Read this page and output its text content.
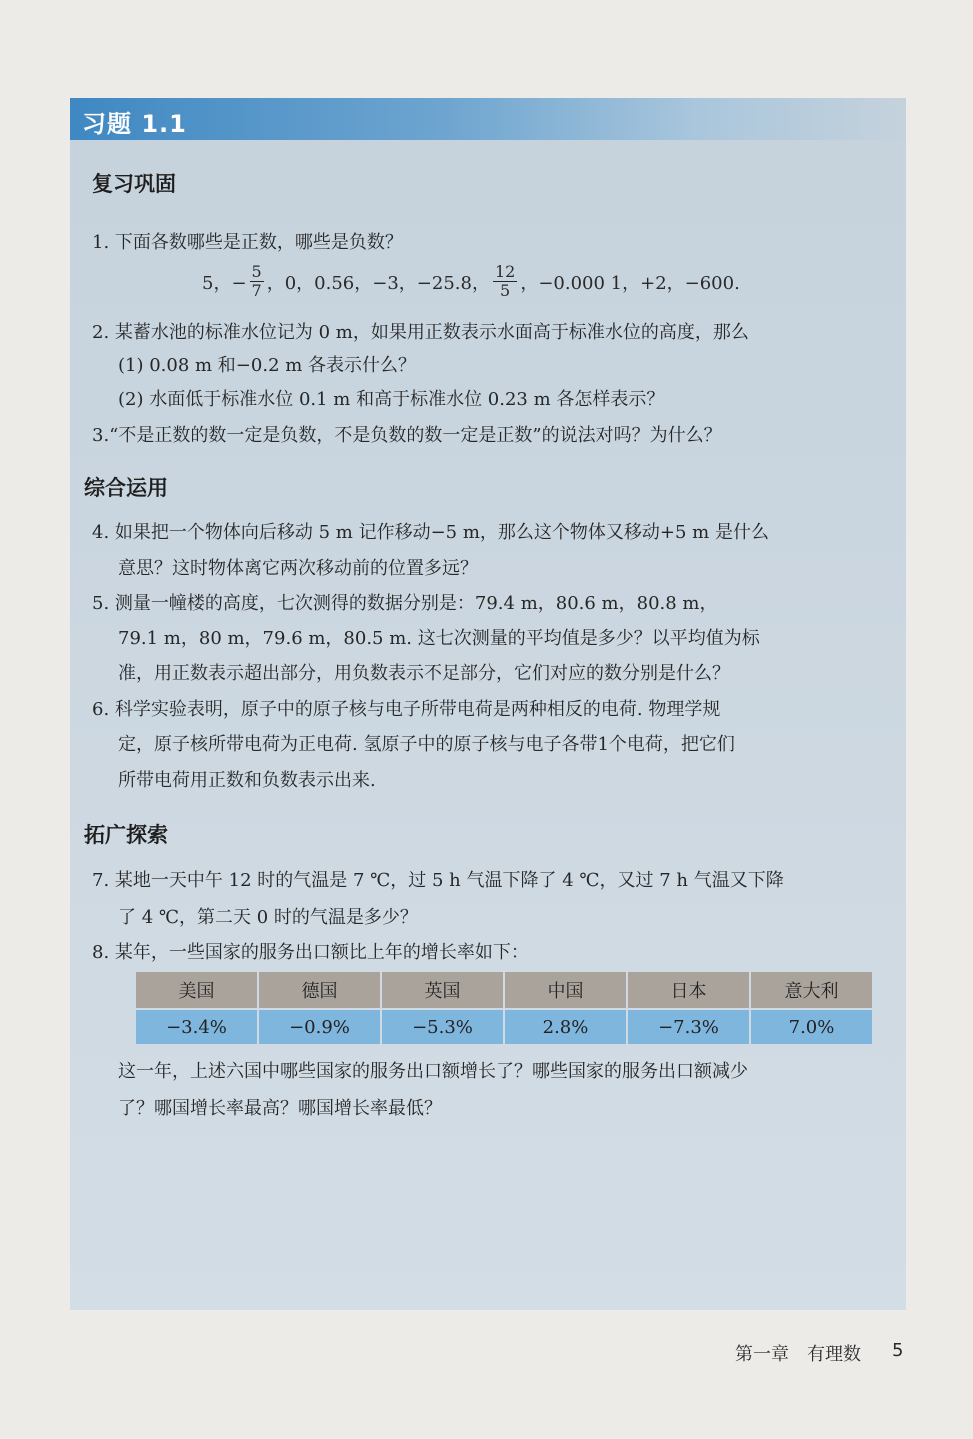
习题 1.1
复习巩固
1. 下面各数哪些是正数，哪些是负数？
5，− $\frac{5}{7}$ ，0，0.56，−3，−25.8， $\frac{12}{5}$ ，−0.000 1，+2，−600.
2. 某蓄水池的标准水位记为 0 m，如果用正数表示水面高于标准水位的高度，那么
(1) 0.08 m 和−0.2 m 各表示什么？
(2) 水面低于标准水位 0.1 m 和高于标准水位 0.23 m 各怎样表示？
3.“不是正数的数一定是负数，不是负数的数一定是正数”的说法对吗？为什么？
综合运用
4. 如果把一个物体向后移动 5 m 记作移动−5 m，那么这个物体又移动+5 m 是什么
意思？这时物体离它两次移动前的位置多远？
5. 测量一幢楼的高度，七次测得的数据分别是：79.4 m，80.6 m，80.8 m，
79.1 m，80 m，79.6 m，80.5 m. 这七次测量的平均值是多少？以平均值为标
准，用正数表示超出部分，用负数表示不足部分，它们对应的数分别是什么？
6. 科学实验表明，原子中的原子核与电子所带电荷是两种相反的电荷. 物理学规
定，原子核所带电荷为正电荷. 氢原子中的原子核与电子各带1个电荷，把它们
所带电荷用正数和负数表示出来.
拓广探索
7. 某地一天中午 12 时的气温是 7 ℃，过 5 h 气温下降了 4 ℃，又过 7 h 气温又下降
了 4 ℃，第二天 0 时的气温是多少？
8. 某年，一些国家的服务出口额比上年的增长率如下：
美国	德国	英国	中国	日本	意大利
−3.4%	−0.9%	−5.3%	2.8%	−7.3%	7.0%
这一年，上述六国中哪些国家的服务出口额增长了？哪些国家的服务出口额减少
了？哪国增长率最高？哪国增长率最低？
第一章　有理数 5
